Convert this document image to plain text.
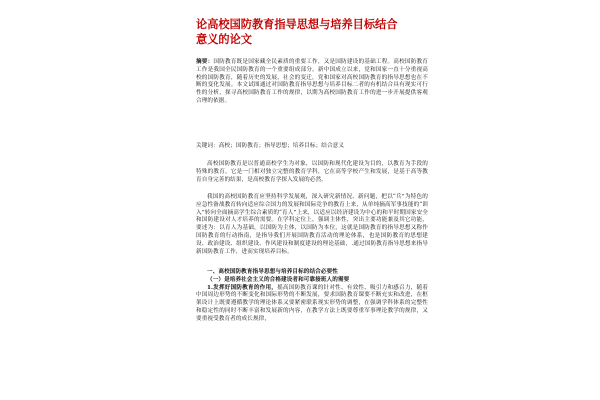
论高校国防教育指导思想与培养目标结合
意义的论文
摘要：国防教育既是国家藏全民素质的重要工作，又是国防建设的基础工程。高校国防教育工作是我国全民国防教育的一个重要组成部分。新中国成立以来，党和国家一直十分重视高校的国防教育，随着历史的发展，社会的变迁，党和国家对高校国防教育的指导思想也在不断的变化发展。本文试图通过对国防教育指导思想与培养目标二者的有机结合具有现实可行性的分析，探寻高校国防教育工作的规律，以期为高校国防教育工作的进一步开展提供客观合理的依据。
关键词：高校；国防教育；指导思想；培养目标；结合意义
高校国防教育是以普通高校学生为对象，以国防和现代化建设为目的，以教育为手段的特殊的教育。它是一门相对独立完整的教育学科，它在高等学校产生和发展，是基于高等教育自身完善的结果，是高校教育学探入发展的必然。
我国的高校国防教育应坚持科学发展观，深入研究新情况、新问题，把以“兵”为特色的应急性备战教育转向适应综合国力的发展和国际竞争的教育上来，从单纯摘高军事技能的“训入”转向全面摘高学生综合素质的“育人”上来，以适应以经济建设为中心的和平时期国家安全和国防建设对人才培养的需要。在学科定位上，强调主体性，突出主要功能兼及其它功能，要述为：以育人为基础，以国防为主体，以国防为本位，这就是国防教育的指导思想又称作国防教育的行动指南，是指导我们开展国防教育活动的理论体系，也是国防教育的思想建设、政治建设、组织建设、作风建设和制度建设的理论基础，.通过国防教育指导思想来指导新国防教育工作，进而实现培养目标。
一、高校国防教育指导思想与培养目标的结合必要性
（一）是培养社会主义的合格建设者和可靠接班人的需要
1.发挥好国防教育的作用，摇高国防教育课的针对性、有效性、吸引力和感召力，随着中国周边形势的不断变化和国际形势的不断发展，要求国防教育课要不断充实和改进，在框架设计上既要遵循教学的理论体系又要紧密联系现实形势的调整，在强调学科体系的完整性和稳定性的同时不断丰富和发展新的内容，在教学方法上既要尊重军事理论教学的规律，又要重视受教育者的成长规律，
